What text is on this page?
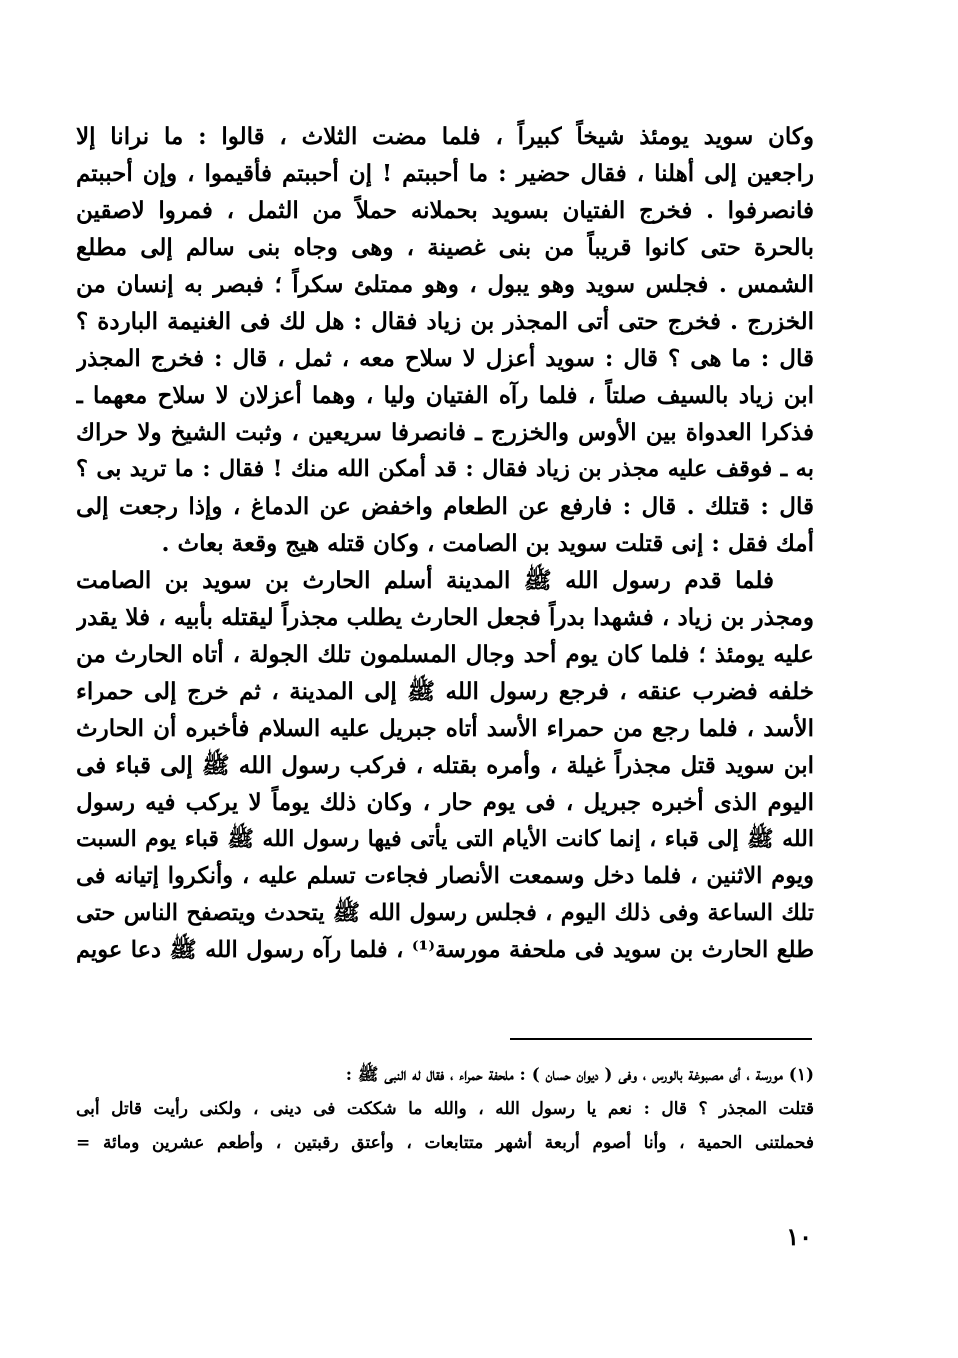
وكان سويد يومئذ شيخاً كبيراً ، فلما مضت الثلاث ، قالوا : ما نرانا إلا
راجعين إلى أهلنا ، فقال حضير : ما أحببتم ! إن أحببتم فأقيموا ، وإن أحببتم
فانصرفوا . فخرج الفتيان بسويد بحملانه حملاً من الثمل ، فمروا لاصقين
بالحرة حتى كانوا قريباً من بنى غصينة ، وهى وجاه بنى سالم إلى مطلع
الشمس . فجلس سويد وهو يبول ، وهو ممتلئ سكراً ؛ فبصر به إنسان من
الخزرج . فخرج حتى أتى المجذر بن زياد فقال : هل لك فى الغنيمة الباردة ؟
قال : ما هى ؟ قال : سويد أعزل لا سلاح معه ، ثمل ، قال : فخرج المجذر
ابن زياد بالسيف صلتاً ، فلما رآه الفتيان وليا ، وهما أعزلان لا سلاح معهما ـ
فذكرا العدواة بين الأوس والخزرج ـ فانصرفا سريعين ، وثبت الشيخ ولا حراك
به ـ فوقف عليه مجذر بن زياد فقال : قد أمكن الله منك ! فقال : ما تريد بى ؟
قال : قتلك . قال : فارفع عن الطعام واخفض عن الدماغ ، وإذا رجعت إلى
أمك فقل : إنى قتلت سويد بن الصامت ، وكان قتله هيج وقعة بعاث .
فلما قدم رسول الله ﷺ المدينة أسلم الحارث بن سويد بن الصامت
ومجذر بن زياد ، فشهدا بدراً فجعل الحارث يطلب مجذراً ليقتله بأبيه ، فلا يقدر
عليه يومئذ ؛ فلما كان يوم أحد وجال المسلمون تلك الجولة ، أتاه الحارث من
خلفه فضرب عنقه ، فرجع رسول الله ﷺ إلى المدينة ، ثم خرج إلى حمراء
الأسد ، فلما رجع من حمراء الأسد أتاه جبريل عليه السلام فأخبره أن الحارث
ابن سويد قتل مجذراً غيلة ، وأمره بقتله ، فركب رسول الله ﷺ إلى قباء فى
اليوم الذى أخبره جبريل ، فى يوم حار ، وكان ذلك يوماً لا يركب فيه رسول
الله ﷺ إلى قباء ، إنما كانت الأيام التى يأتى فيها رسول الله ﷺ قباء يوم السبت
ويوم الاثنين ، فلما دخل وسمعت الأنصار فجاءت تسلم عليه ، وأنكروا إتيانه فى
تلك الساعة وفى ذلك اليوم ، فجلس رسول الله ﷺ يتحدث ويتصفح الناس حتى
طلع الحارث بن سويد فى ملحفة مورسة⁽¹⁾ ، فلما رآه رسول الله ﷺ دعا عويم
(١) مورسة ، أى مصبوغة بالورس ، وفى ( ديوان حسان ) : ملحفة حمراء ، فقال له النبى ﷺ :
قتلت المجذر ؟ قال : نعم يا رسول الله ، والله ما شككت فى دينى ، ولكنى رأيت قاتل أبى
فحملتنى الحمية ، وأنا أصوم أربعة أشهر متتابعات ، وأعتق رقبتين ، وأطعم عشرين ومائة =
١٠
